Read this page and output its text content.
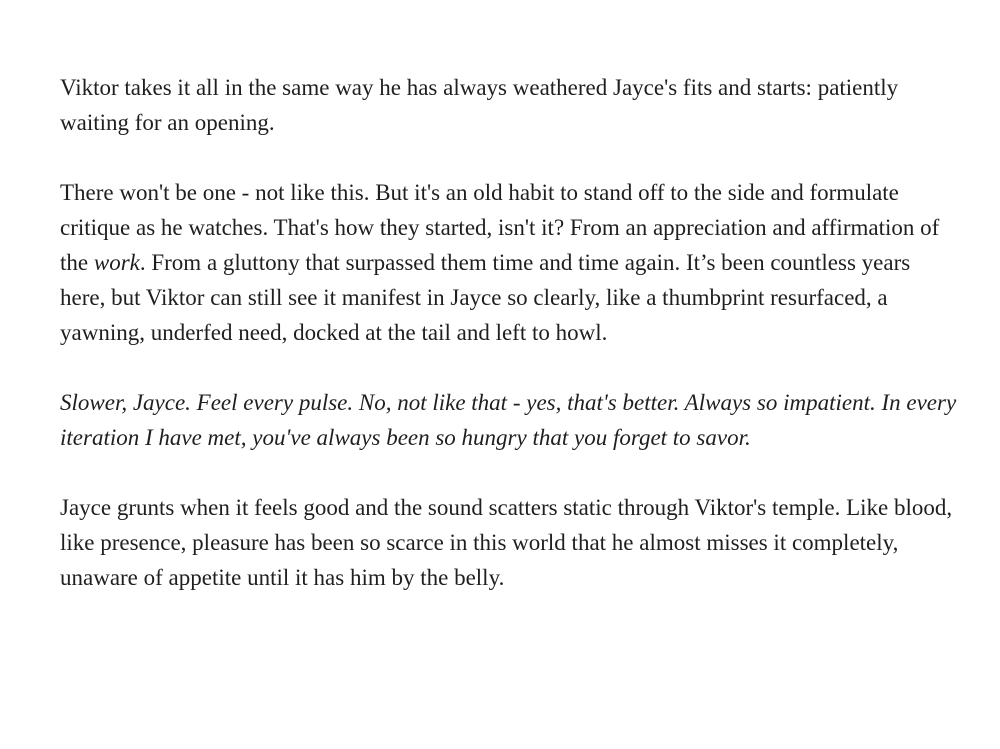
Viktor takes it all in the same way he has always weathered Jayce's fits and starts: patiently waiting for an opening.

There won't be one - not like this. But it's an old habit to stand off to the side and formulate critique as he watches. That's how they started, isn't it? From an appreciation and affirmation of the work. From a gluttony that surpassed them time and time again. It’s been countless years here, but Viktor can still see it manifest in Jayce so clearly, like a thumbprint resurfaced, a yawning, underfed need, docked at the tail and left to howl.

Slower, Jayce. Feel every pulse. No, not like that - yes, that's better. Always so impatient. In every iteration I have met, you've always been so hungry that you forget to savor.

Jayce grunts when it feels good and the sound scatters static through Viktor's temple. Like blood, like presence, pleasure has been so scarce in this world that he almost misses it completely, unaware of appetite until it has him by the belly.
